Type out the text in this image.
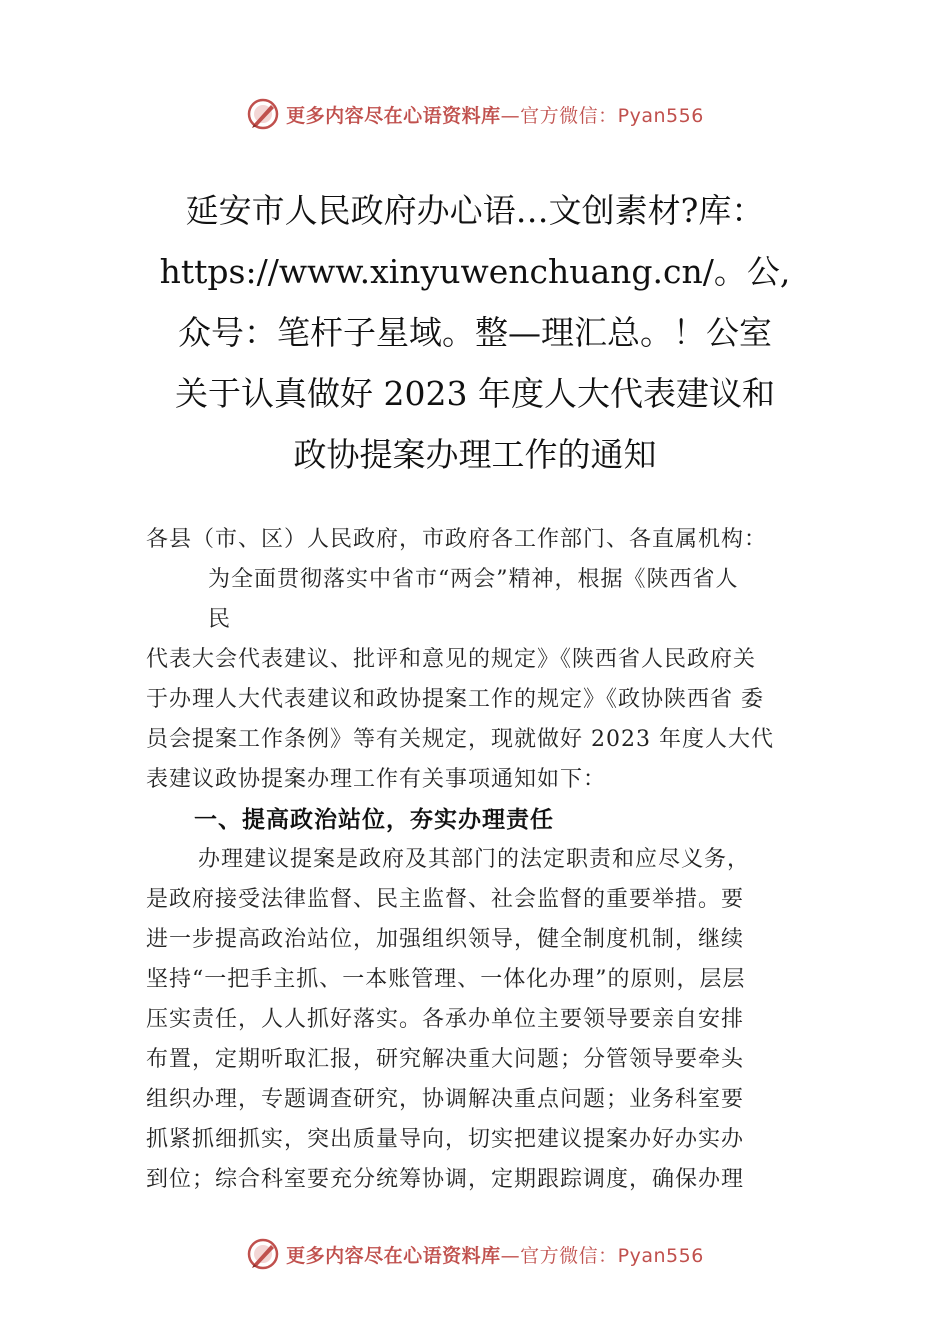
更多内容尽在心语资料库 —官方微信：Pyan556
延安市人民政府办心语…文创素材?库：
https://www.xinyuwenchuang.cn/。公,
众号：笔杆子星域。整—理汇总。！公室
关于认真做好 2023 年度人大代表建议和
政协提案办理工作的通知
各县（市、区）人民政府，市政府各工作部门、各直属机构：
为全面贯彻落实中省市“两会”精神，根据《陕西省人
民
代表大会代表建议、批评和意见的规定》《陕西省人民政府关
于办理人大代表建议和政协提案工作的规定》《政协陕西省 委
员会提案工作条例》等有关规定，现就做好 2023 年度人大代
表建议政协提案办理工作有关事项通知如下：
一、提高政治站位，夯实办理责任
办理建议提案是政府及其部门的法定职责和应尽义务，
是政府接受法律监督、民主监督、社会监督的重要举措。要
进一步提高政治站位，加强组织领导，健全制度机制，继续
坚持“一把手主抓、一本账管理、一体化办理”的原则，层层
压实责任，人人抓好落实。各承办单位主要领导要亲自安排
布置，定期听取汇报，研究解决重大问题；分管领导要牵头
组织办理，专题调查研究，协调解决重点问题；业务科室要
抓紧抓细抓实，突出质量导向，切实把建议提案办好办实办
到位；综合科室要充分统筹协调，定期跟踪调度，确保办理
更多内容尽在心语资料库 —官方微信：Pyan556
